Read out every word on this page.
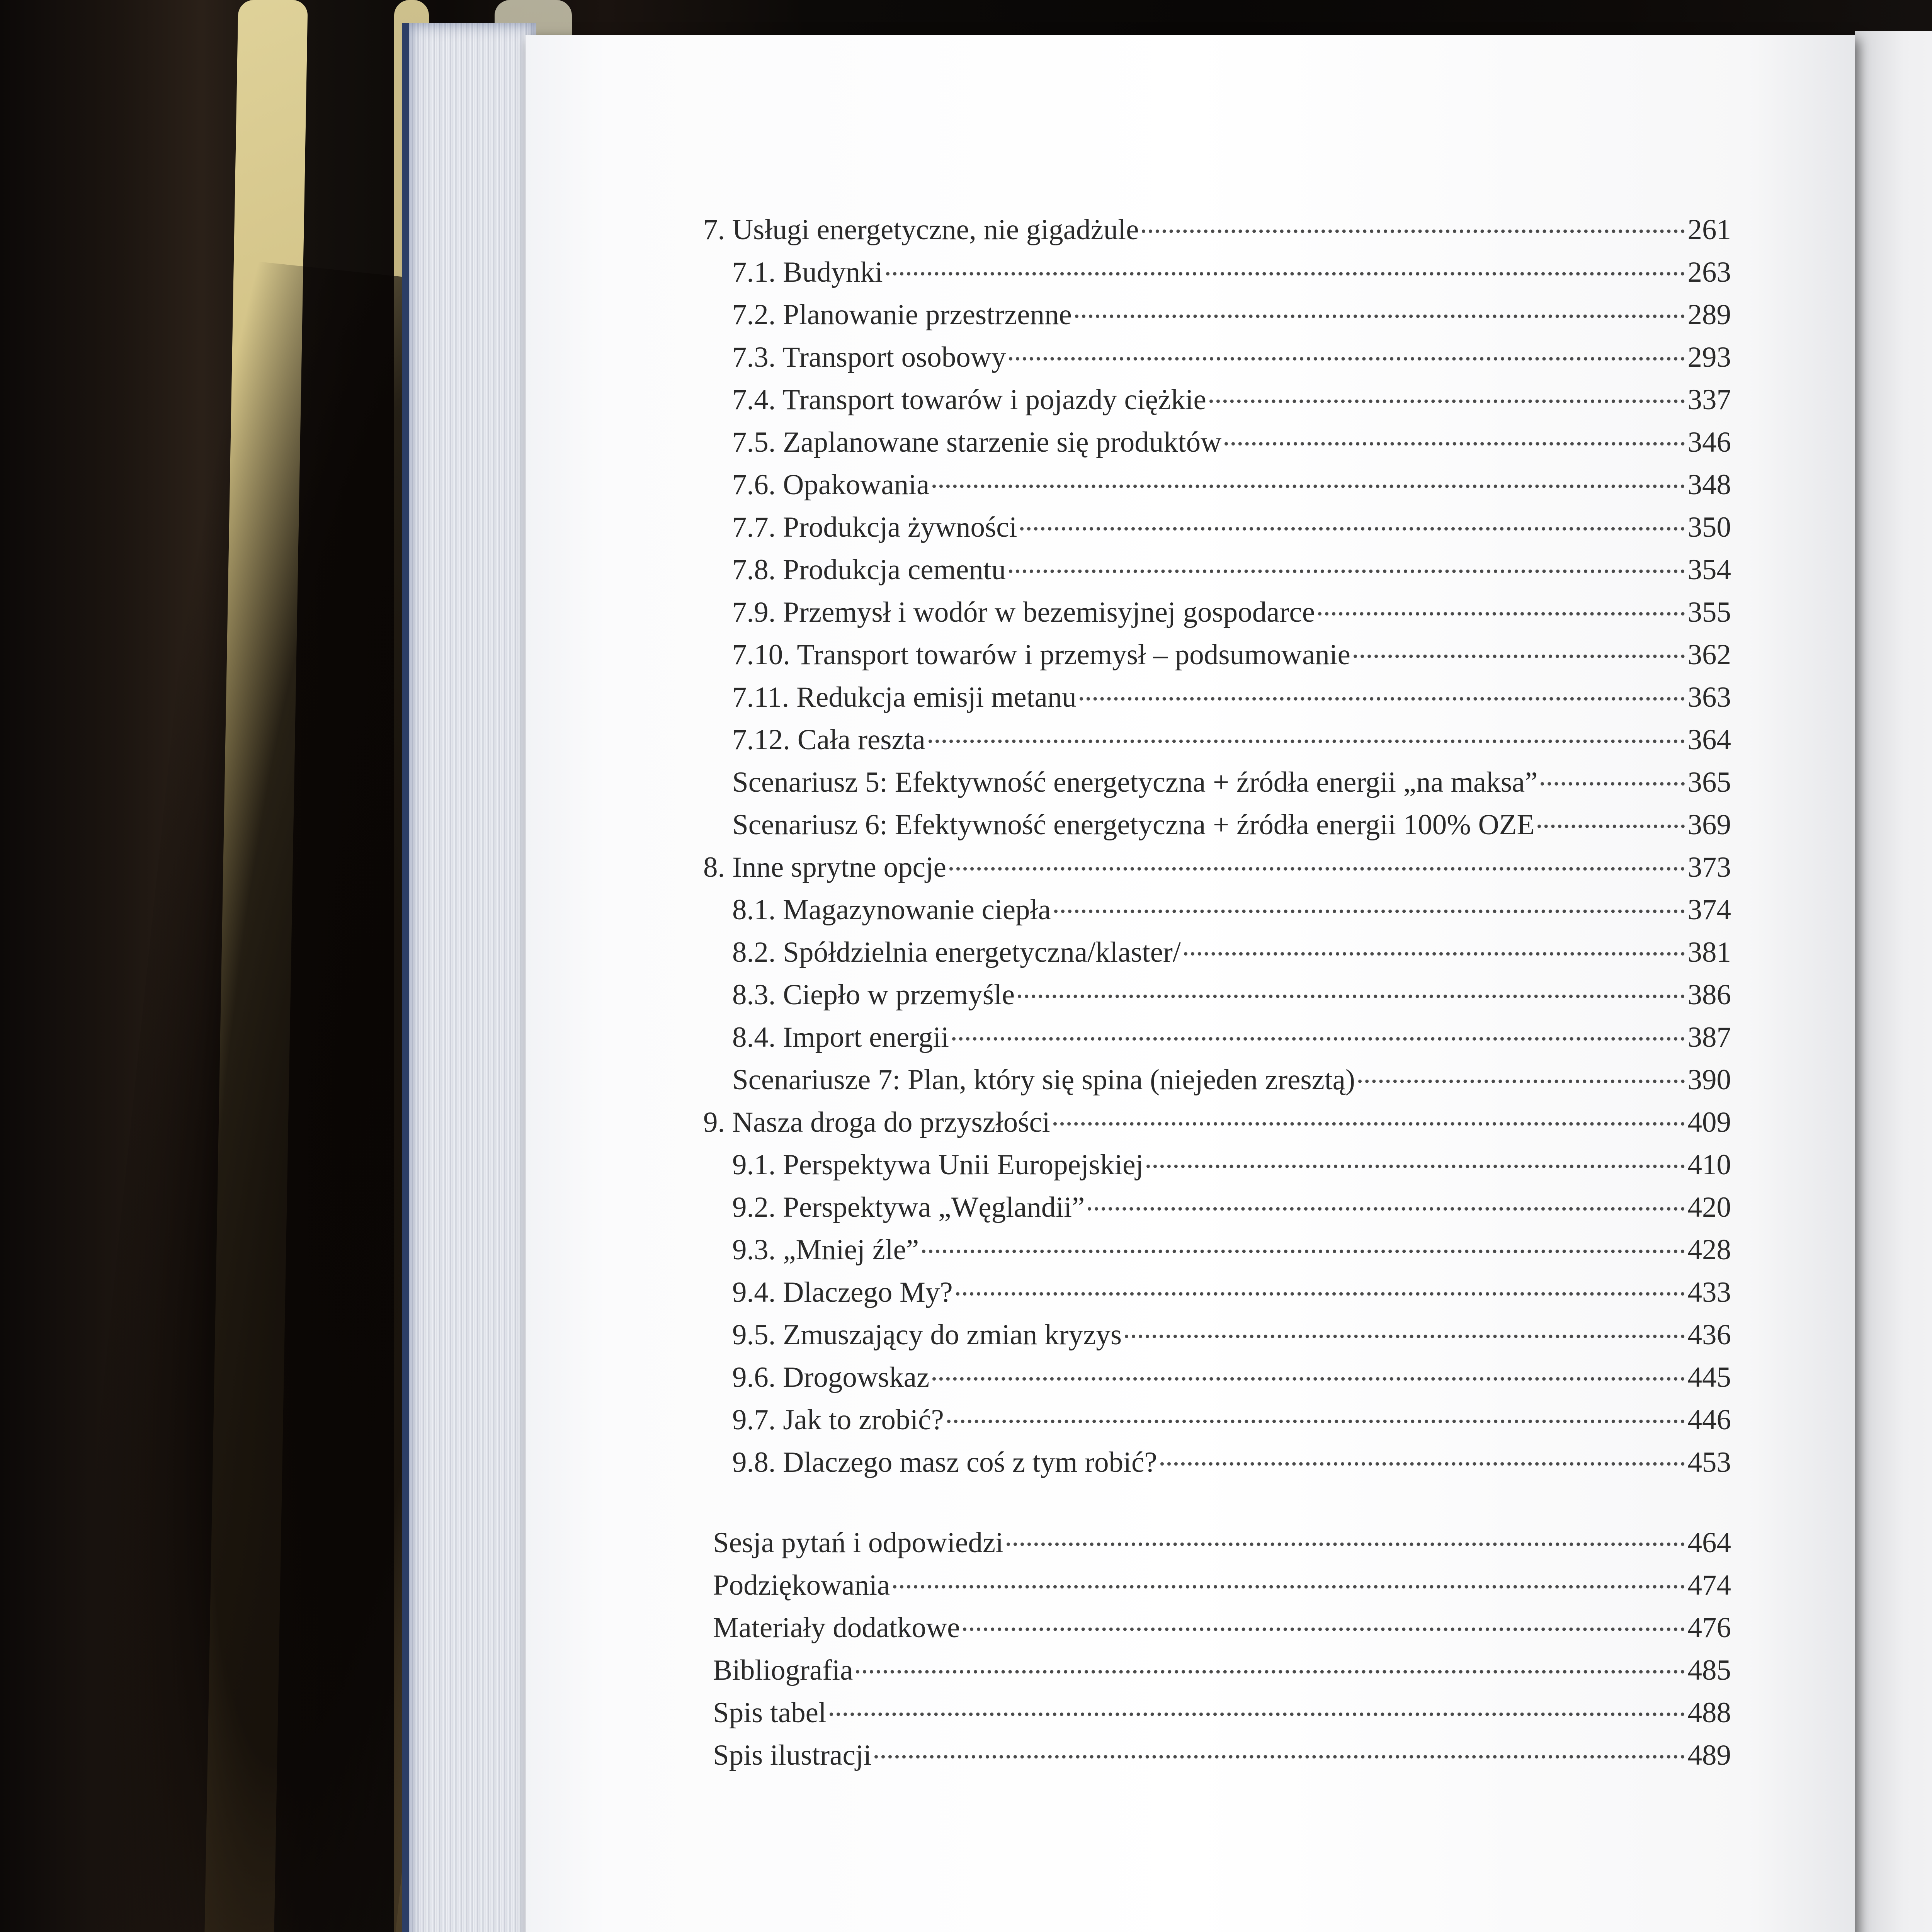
7. Usługi energetyczne, nie gigadżule	261
7.1. Budynki	263
7.2. Planowanie przestrzenne	289
7.3. Transport osobowy	293
7.4. Transport towarów i pojazdy ciężkie	337
7.5. Zaplanowane starzenie się produktów	346
7.6. Opakowania	348
7.7. Produkcja żywności	350
7.8. Produkcja cementu	354
7.9. Przemysł i wodór w bezemisyjnej gospodarce	355
7.10. Transport towarów i przemysł – podsumowanie	362
7.11. Redukcja emisji metanu	363
7.12. Cała reszta	364
Scenariusz 5: Efektywność energetyczna + źródła energii „na maksa”	365
Scenariusz 6: Efektywność energetyczna + źródła energii 100% OZE	369
8. Inne sprytne opcje	373
8.1. Magazynowanie ciepła	374
8.2. Spółdzielnia energetyczna/klaster/	381
8.3. Ciepło w przemyśle	386
8.4. Import energii	387
Scenariusze 7: Plan, który się spina (niejeden zresztą)	390
9. Nasza droga do przyszłości	409
9.1. Perspektywa Unii Europejskiej	410
9.2. Perspektywa „Węglandii”	420
9.3. „Mniej źle”	428
9.4. Dlaczego My?	433
9.5. Zmuszający do zmian kryzys	436
9.6. Drogowskaz	445
9.7. Jak to zrobić?	446
9.8. Dlaczego masz coś z tym robić?	453
Sesja pytań i odpowiedzi	464
Podziękowania	474
Materiały dodatkowe	476
Bibliografia	485
Spis tabel	488
Spis ilustracji	489
